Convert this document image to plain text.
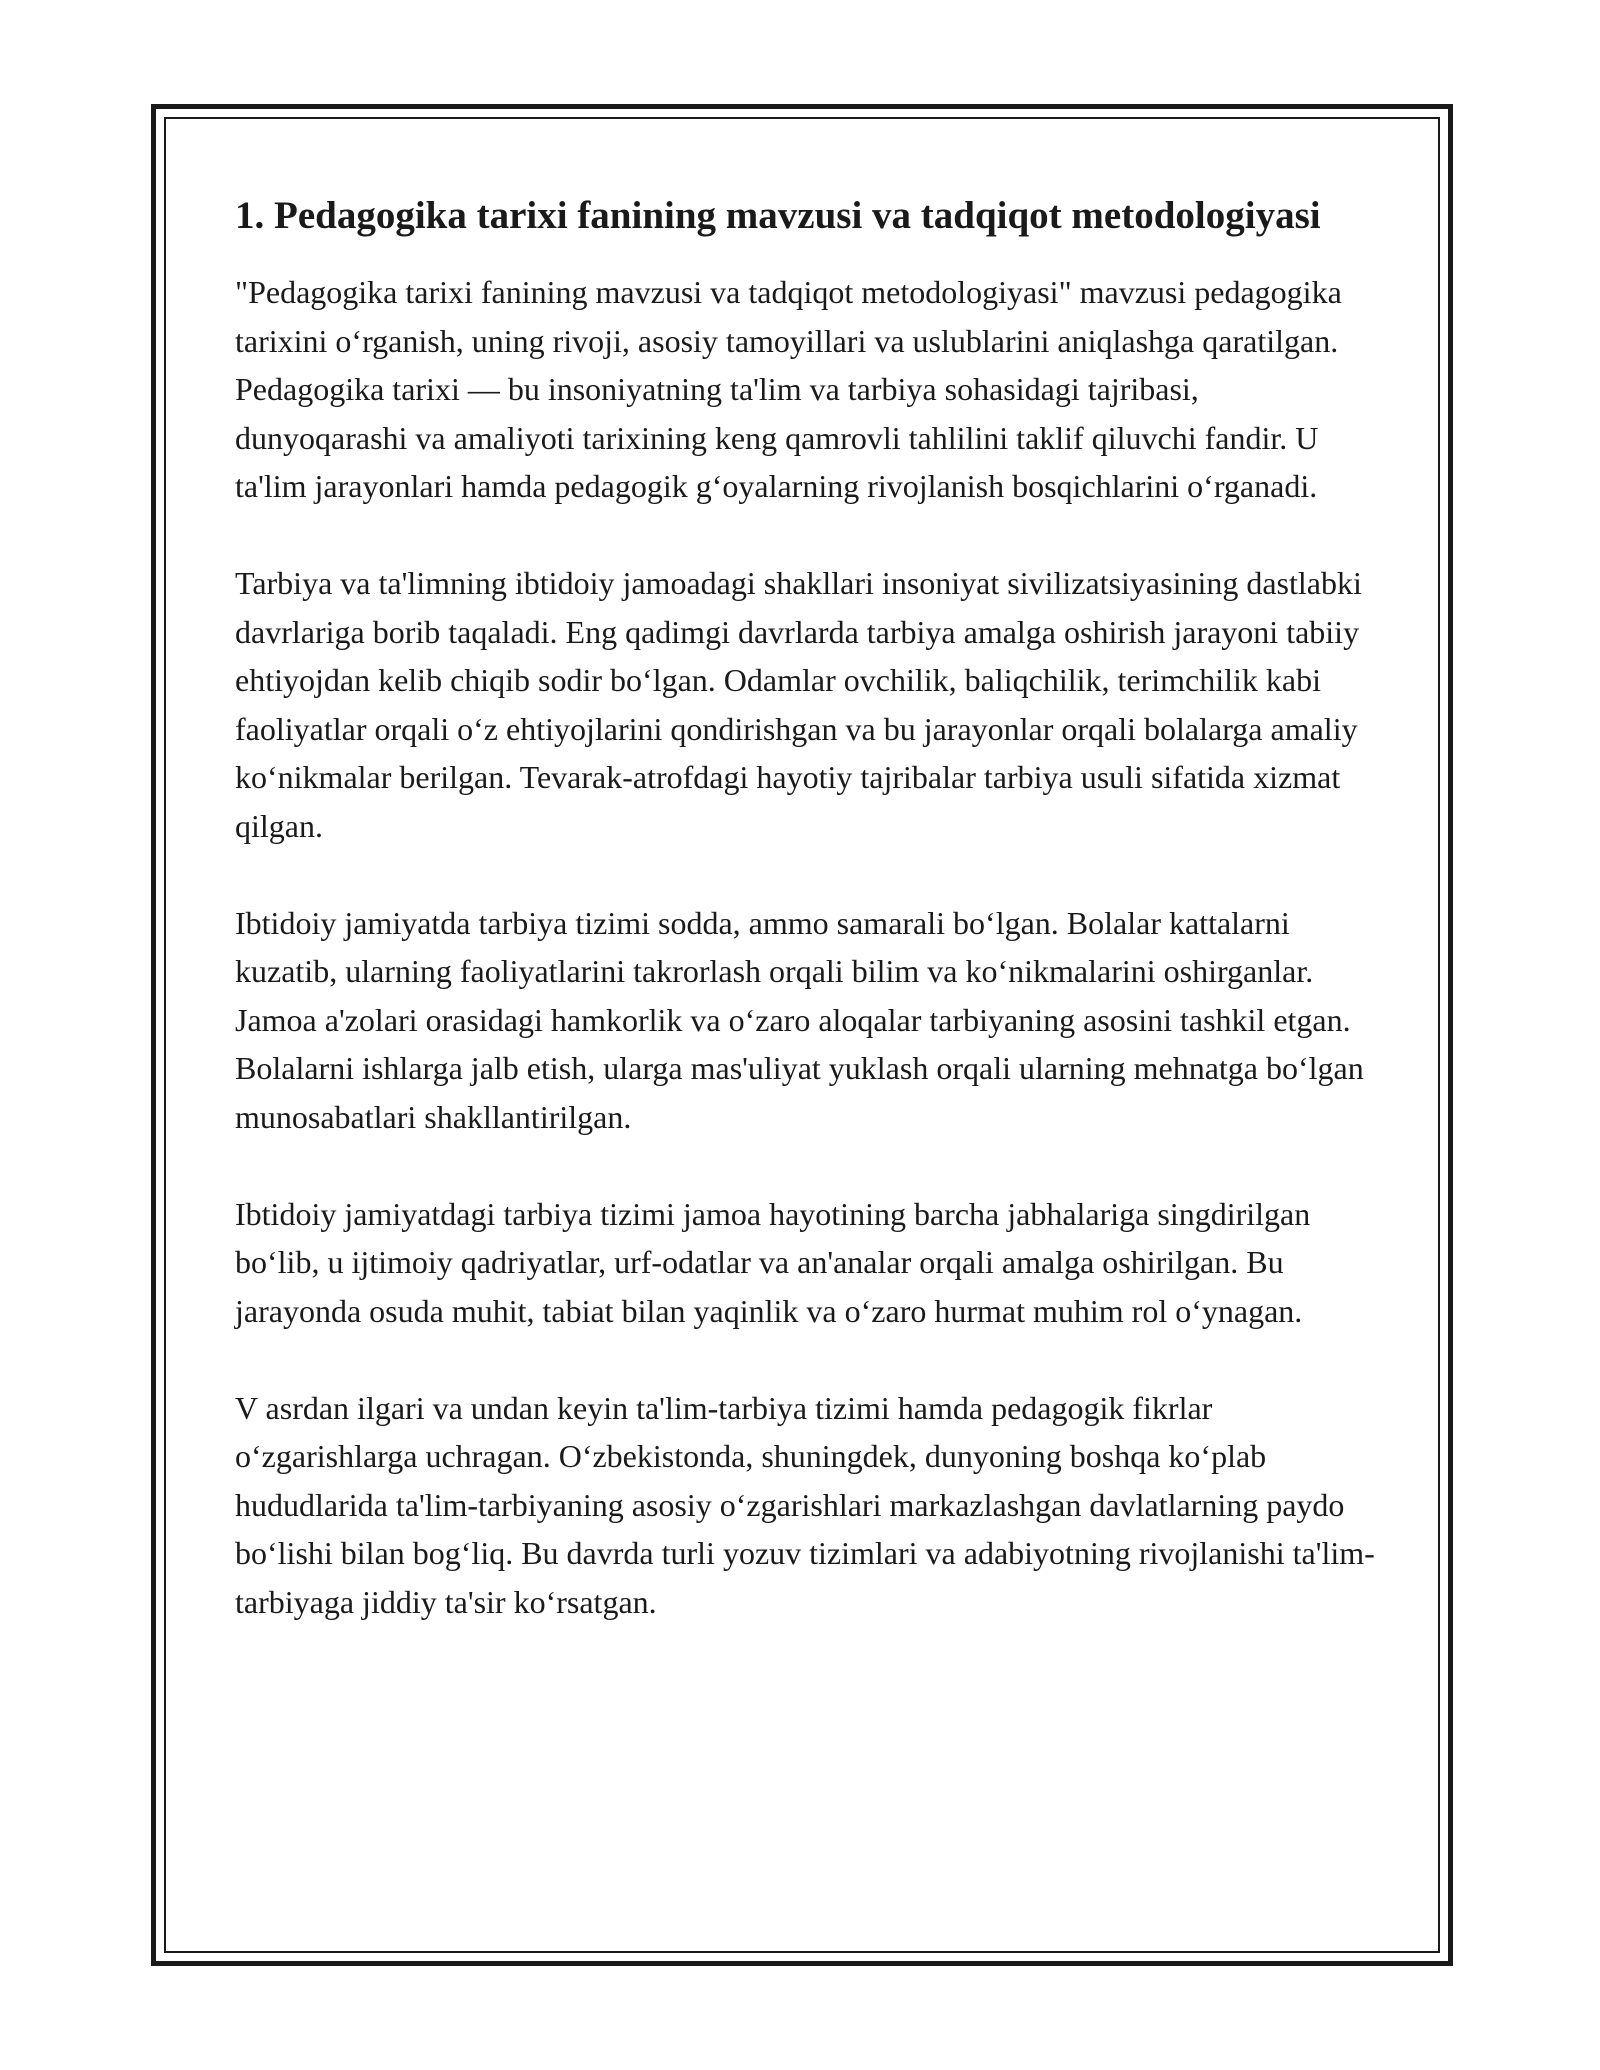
1. Pedagogika tarixi fanining mavzusi va tadqiqot metodologiyasi

"Pedagogika tarixi fanining mavzusi va tadqiqot metodologiyasi" mavzusi pedagogika tarixini o‘rganish, uning rivoji, asosiy tamoyillari va uslublarini aniqlashga qaratilgan. Pedagogika tarixi — bu insoniyatning ta'lim va tarbiya sohasidagi tajribasi, dunyoqarashi va amaliyoti tarixining keng qamrovli tahlilini taklif qiluvchi fandir. U ta'lim jarayonlari hamda pedagogik g‘oyalarning rivojlanish bosqichlarini o‘rganadi.

Tarbiya va ta'limning ibtidoiy jamoadagi shakllari insoniyat sivilizatsiyasining dastlabki davrlariga borib taqaladi. Eng qadimgi davrlarda tarbiya amalga oshirish jarayoni tabiiy ehtiyojdan kelib chiqib sodir bo‘lgan. Odamlar ovchilik, baliqchilik, terimchilik kabi faoliyatlar orqali o‘z ehtiyojlarini qondirishgan va bu jarayonlar orqali bolalarga amaliy ko‘nikmalar berilgan. Tevarak-atrofdagi hayotiy tajribalar tarbiya usuli sifatida xizmat qilgan.

Ibtidoiy jamiyatda tarbiya tizimi sodda, ammo samarali bo‘lgan. Bolalar kattalarni kuzatib, ularning faoliyatlarini takrorlash orqali bilim va ko‘nikmalarini oshirganlar. Jamoa a'zolari orasidagi hamkorlik va o‘zaro aloqalar tarbiyaning asosini tashkil etgan. Bolalarni ishlarga jalb etish, ularga mas'uliyat yuklash orqali ularning mehnatga bo‘lgan munosabatlari shakllantirilgan.

Ibtidoiy jamiyatdagi tarbiya tizimi jamoa hayotining barcha jabhalariga singdirilgan bo‘lib, u ijtimoiy qadriyatlar, urf-odatlar va an'analar orqali amalga oshirilgan. Bu jarayonda osuda muhit, tabiat bilan yaqinlik va o‘zaro hurmat muhim rol o‘ynagan.

V asrdan ilgari va undan keyin ta'lim-tarbiya tizimi hamda pedagogik fikrlar o‘zgarishlarga uchragan. O‘zbekistonda, shuningdek, dunyoning boshqa ko‘plab hududlarida ta'lim-tarbiyaning asosiy o‘zgarishlari markazlashgan davlatlarning paydo bo‘lishi bilan bog‘liq. Bu davrda turli yozuv tizimlari va adabiyotning rivojlanishi ta'lim-tarbiyaga jiddiy ta'sir ko‘rsatgan.
